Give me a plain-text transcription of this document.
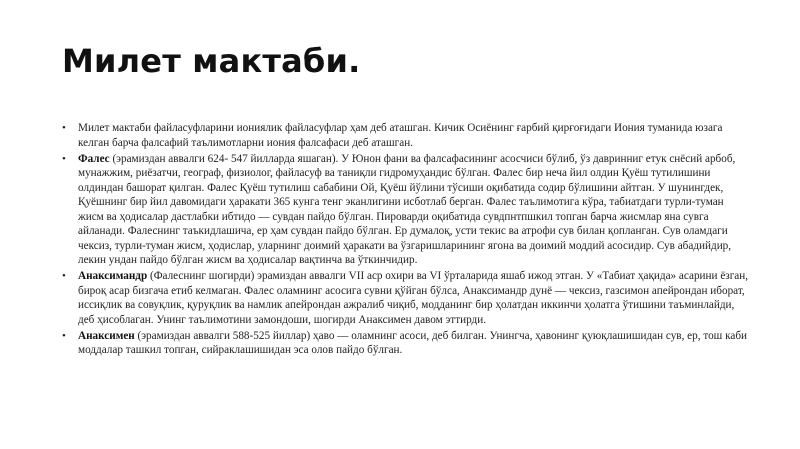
Милет мактаби.
• Милет мактаби файласуфларини иониялик файласуфлар ҳам деб аташган. Кичик Осиёнинг ғарбий қирғоғидаги Иония туманида юзага келган барча фалсафий таълимотларни иония фалсафаси деб аташган.
• Фалес (эрамиздан аввалги 624- 547 йилларда яшаган). У Юнон фани ва фалсафасининг асосчиси бўлиб, ўз давринниг етук снёсий арбоб, мунажжим, риёзатчи, географ, физиолог, файласуф ва таниқли гидромуҳандис бўлган. Фалес бир неча йил олдин Қуёш тутилишини олдиндан башорат қилган. Фалес Қуёш тутилиш сабабини Ой, Қуёш йўлини тўсиши оқибатида содир бўлишини айтган. У шунингдек, Қуёшнинг бир йил давомидаги ҳаракати 365 кунга тенг эканлигини исботлаб берган. Фалес таълимотига кўра, табиатдаги турли-туман жисм ва ҳодисалар дастлабки ибтидо — сувдан пайдо бўлган. Пироварди оқибатида сувдпнтпшкил топган барча жисмлар яна сувга айланади. Фалеснинг таъкидлашича, ер ҳам сувдан пайдо бўлган. Ер думалоқ, усти текис ва атрофи сув билан қопланган. Сув оламдаги чексиз, турли-туман жисм, ҳодислар, уларнинг доимий ҳаракати ва ўзгаришларининг ягона ва доимий моддий асосидир. Сув абадийдир, лекин ундан пайдо бўлган жисм ва ҳодисалар вақтинча ва ўткинчидир.
• Анаксимандр (Фалеснинг шогирди) эрамиздан аввалги VII аср охири ва VI ўрталарида яшаб ижод этган. У «Табиат ҳақида» асарини ёзган, бироқ асар бизгача етиб келмаган. Фалес оламнинг асосига сувни қўйган бўлса, Анаксимандр дунё — чексиз, газсимон апейрондан иборат, иссиқлик ва совуқлик, қуруқлик ва намлик апейрондан ажралиб чиқиб, модданинг бир ҳолатдан иккинчи ҳолатга ўтишини таъминлайди, деб ҳисоблаган. Унинг таълимотини замондоши, шогирди Анаксимен давом эттирди.
• Анаксимен (эрамиздан аввалги 588-525 йиллар) ҳаво — оламнинг асоси, деб билган. Унингча, ҳавонинг қуюқлашишидан сув, ер, тош каби моддалар ташкил топган, сийраклашишидан эса олов пайдо бўлган.
